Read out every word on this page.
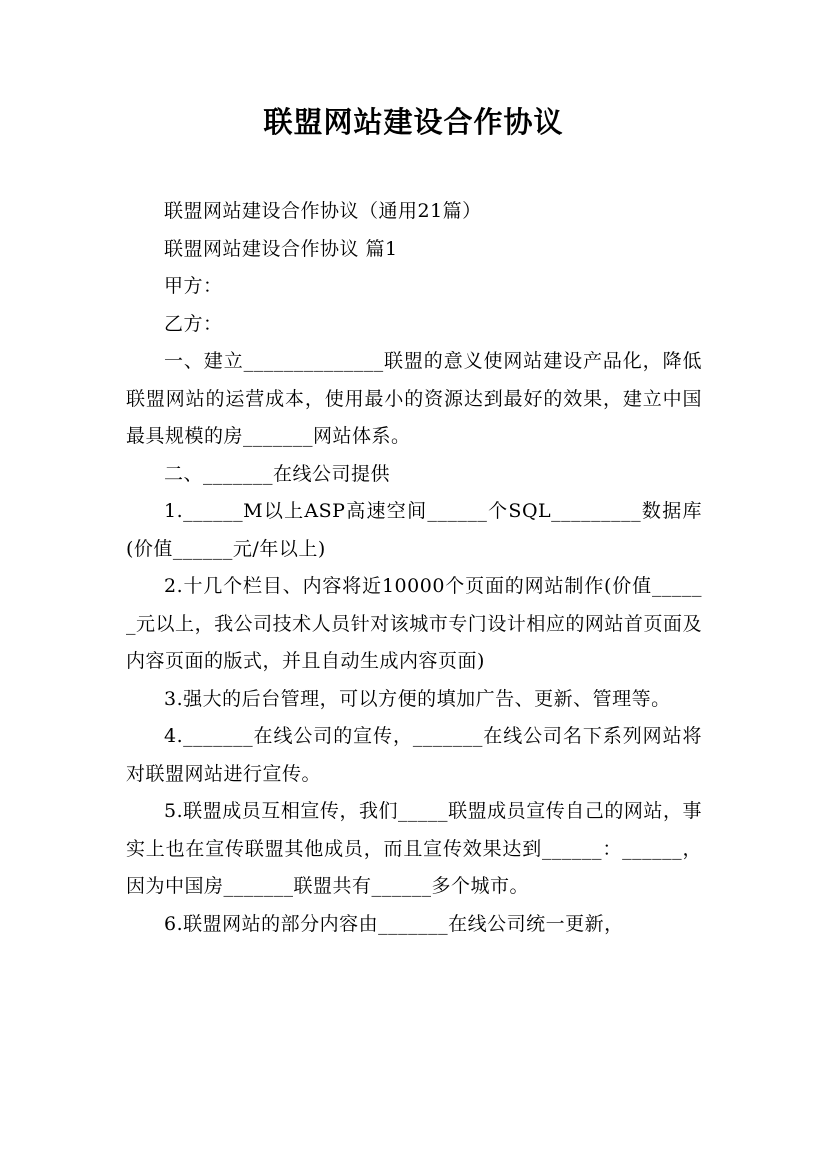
联盟网站建设合作协议

联盟网站建设合作协议（通用21篇）

联盟网站建设合作协议 篇1

甲方：

乙方：

一、建立______________联盟的意义使网站建设产品化，降低联盟网站的运营成本，使用最小的资源达到最好的效果，建立中国最具规模的房_______网站体系。

二、_______在线公司提供

1.______M以上ASP高速空间______个SQL_________数据库(价值______元/年以上)

2.十几个栏目、内容将近10000个页面的网站制作(价值______元以上，我公司技术人员针对该城市专门设计相应的网站首页面及内容页面的版式，并且自动生成内容页面)

3.强大的后台管理，可以方便的填加广告、更新、管理等。

4._______在线公司的宣传，_______在线公司名下系列网站将对联盟网站进行宣传。

5.联盟成员互相宣传，我们_____联盟成员宣传自己的网站，事实上也在宣传联盟其他成员，而且宣传效果达到______：______，因为中国房_______联盟共有______多个城市。

6.联盟网站的部分内容由_______在线公司统一更新，
